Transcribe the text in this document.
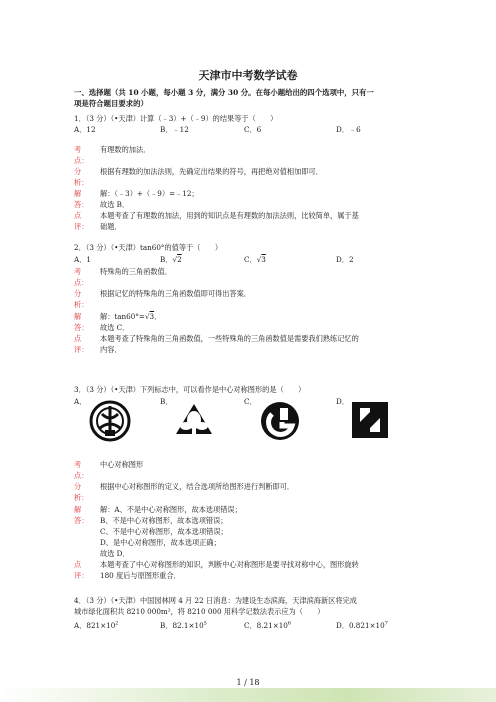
天津市中考数学试卷
一、选择题（共 10 小题，每小题 3 分，满分 30 分。在每小题给出的四个选项中，只有一
项是符合题目要求的）
1．（3 分）（•天津）计算（﹣3）+（﹣9）的结果等于（　　）
A．12	B．﹣12	C．6	D．﹣6
考	有理数的加法．
点：
分	根据有理数的加法法则，先确定出结果的符号，再把绝对值相加即可．
析：
解	解：（﹣3）+（﹣9）=﹣12；
答： 故选 B．
点	本题考查了有理数的加法，用到的知识点是有理数的加法法则，比较简单，属于基
评： 础题．
2．（3 分）（•天津）tan60°的值等于（　　）
A．1	B．√2	C．√3	D．2
考	特殊角的三角函数值．
点：
分	根据记忆的特殊角的三角函数值即可得出答案．
析：
解	解：tan60°=√3．
答： 故选 C．
点	本题考查了特殊角的三角函数值，一些特殊角的三角函数值是需要我们熟练记忆的
评： 内容．
3．（3 分）（•天津）下列标志中，可以看作是中心对称图形的是（　　）
A．	B．	C．	D．
考	中心对称图形
点：
分	根据中心对称图形的定义，结合选项所给图形进行判断即可．
析：
解	解：A、不是中心对称图形，故本选项错误；
答： B、不是中心对称图形，故本选项错误；
C、不是中心对称图形，故本选项错误；
D、是中心对称图形，故本选项正确；
故选 D．
点	本题考查了中心对称图形的知识，判断中心对称图形是要寻找对称中心，图形旋转
评： 180 度后与原图形重合．
4．（3 分）（•天津）中国园林网 4 月 22 日消息：为建设生态滨海，天津滨海新区将完成
城市绿化面积共 8210 000m²，将 8210 000 用科学记数法表示应为（　　）
A．$821\times 10^2$	B．$82.1\times 10^5$	C．$8.21\times 10^6$	D．$0.821\times 10^7$
1 / 18
